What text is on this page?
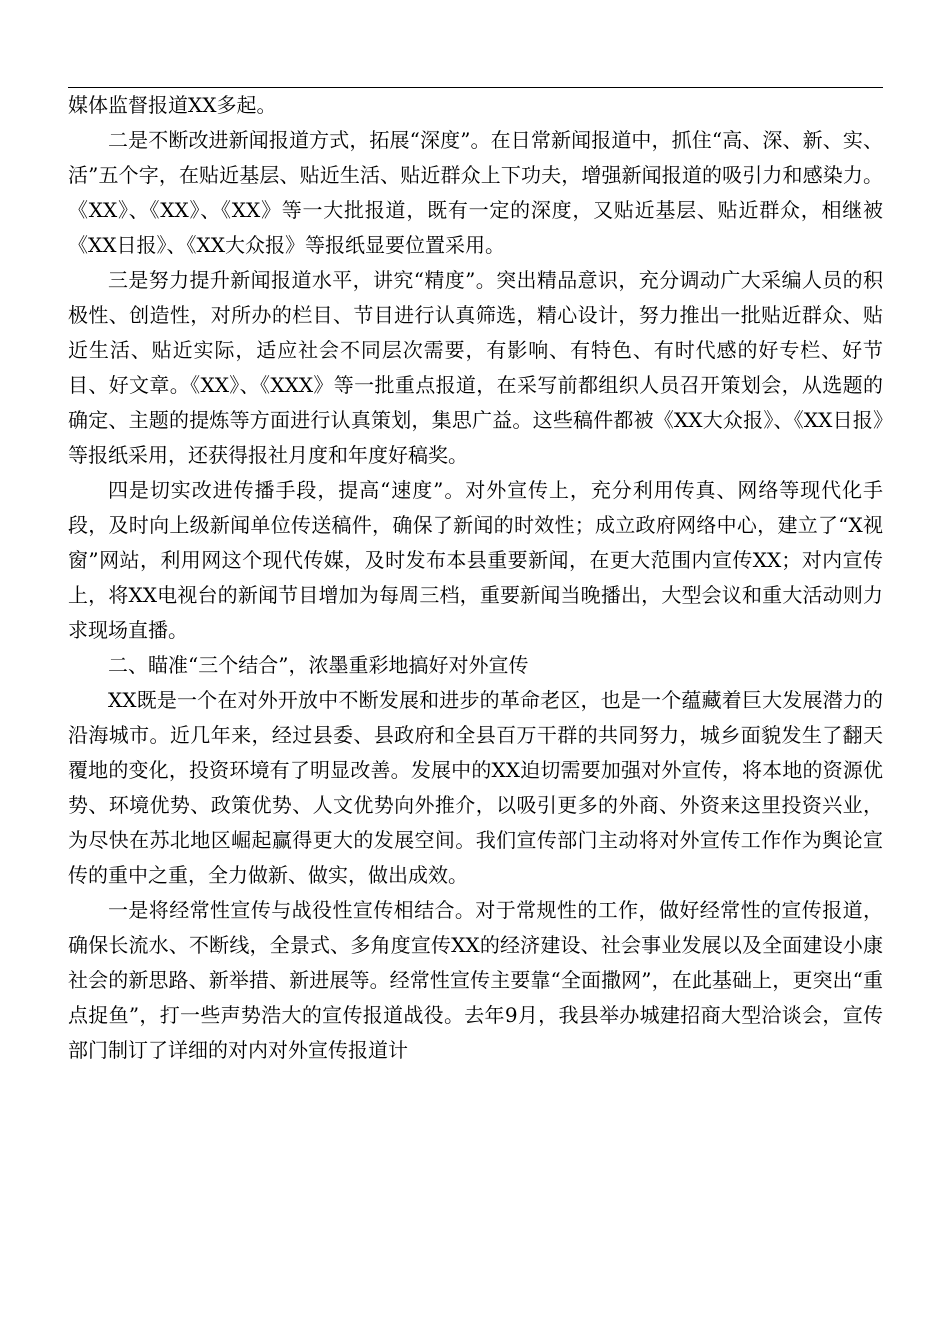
媒体监督报道XX多起。

二是不断改进新闻报道方式，拓展“深度”。在日常新闻报道中，抓住“高、深、新、实、活”五个字，在贴近基层、贴近生活、贴近群众上下功夫，增强新闻报道的吸引力和感染力。《XX》、《XX》、《XX》等一大批报道，既有一定的深度，又贴近基层、贴近群众，相继被《XX日报》、《XX大众报》等报纸显要位置采用。

三是努力提升新闻报道水平，讲究“精度”。突出精品意识，充分调动广大采编人员的积极性、创造性，对所办的栏目、节目进行认真筛选，精心设计，努力推出一批贴近群众、贴近生活、贴近实际，适应社会不同层次需要，有影响、有特色、有时代感的好专栏、好节目、好文章。《XX》、《XXX》等一批重点报道，在采写前都组织人员召开策划会，从选题的确定、主题的提炼等方面进行认真策划，集思广益。这些稿件都被《XX大众报》、《XX日报》等报纸采用，还获得报社月度和年度好稿奖。

四是切实改进传播手段，提高“速度”。对外宣传上，充分利用传真、网络等现代化手段，及时向上级新闻单位传送稿件，确保了新闻的时效性；成立政府网络中心，建立了“X视窗”网站，利用网这个现代传媒，及时发布本县重要新闻，在更大范围内宣传XX；对内宣传上，将XX电视台的新闻节目增加为每周三档，重要新闻当晚播出，大型会议和重大活动则力求现场直播。

二、瞄准“三个结合”，浓墨重彩地搞好对外宣传

XX既是一个在对外开放中不断发展和进步的革命老区，也是一个蕴藏着巨大发展潜力的沿海城市。近几年来，经过县委、县政府和全县百万干群的共同努力，城乡面貌发生了翻天覆地的变化，投资环境有了明显改善。发展中的XX迫切需要加强对外宣传，将本地的资源优势、环境优势、政策优势、人文优势向外推介，以吸引更多的外商、外资来这里投资兴业，为尽快在苏北地区崛起赢得更大的发展空间。我们宣传部门主动将对外宣传工作作为舆论宣传的重中之重，全力做新、做实，做出成效。

一是将经常性宣传与战役性宣传相结合。对于常规性的工作，做好经常性的宣传报道，确保长流水、不断线，全景式、多角度宣传XX的经济建设、社会事业发展以及全面建设小康社会的新思路、新举措、新进展等。经常性宣传主要靠“全面撒网”，在此基础上，更突出“重点捉鱼”，打一些声势浩大的宣传报道战役。去年9月，我县举办城建招商大型洽谈会，宣传部门制订了详细的对内对外宣传报道计
